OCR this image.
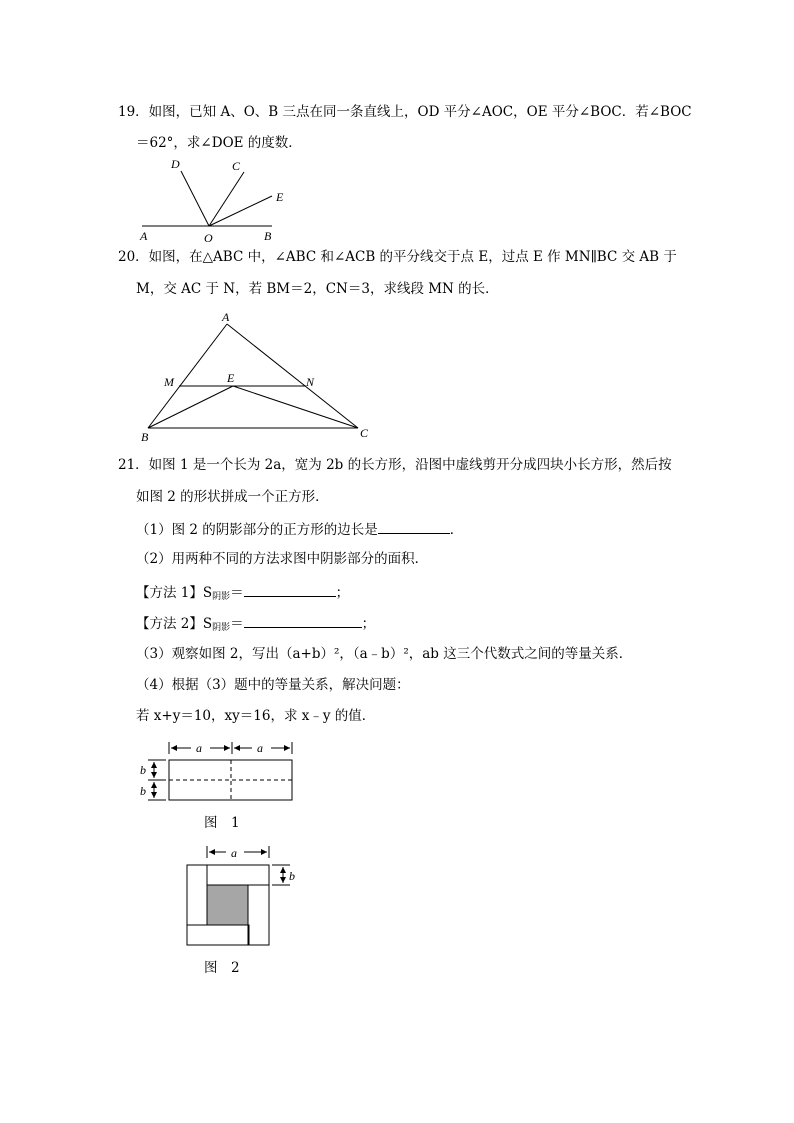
19．如图，已知 A、O、B 三点在同一条直线上，OD 平分∠AOC，OE 平分∠BOC．若∠BOC
＝62°，求∠DOE 的度数．
D	C
E
A	O	B
20．如图，在△ABC 中，∠ABC 和∠ACB 的平分线交于点 E，过点 E 作 MN∥BC 交 AB 于
M，交 AC 于 N，若 BM＝2，CN＝3，求线段 MN 的长．
A
M	E	N
B	C
21．如图 1 是一个长为 2a，宽为 2b 的长方形，沿图中虚线剪开分成四块小长方形，然后按
如图 2 的形状拼成一个正方形．
（1）图 2 的阴影部分的正方形的边长是	．
（2）用两种不同的方法求图中阴影部分的面积．
【方法 1】$S_{阴影}=$	；
【方法 2】$S_{阴影}=$	；
（3）观察如图 2，写出（a+b）²，（a﹣b）²，ab 这三个代数式之间的等量关系．
（4）根据（3）题中的等量关系，解决问题：
若 x+y＝10，xy＝16，求 x﹣y 的值．
a	a
b
b
图　1
a
b
图　2
